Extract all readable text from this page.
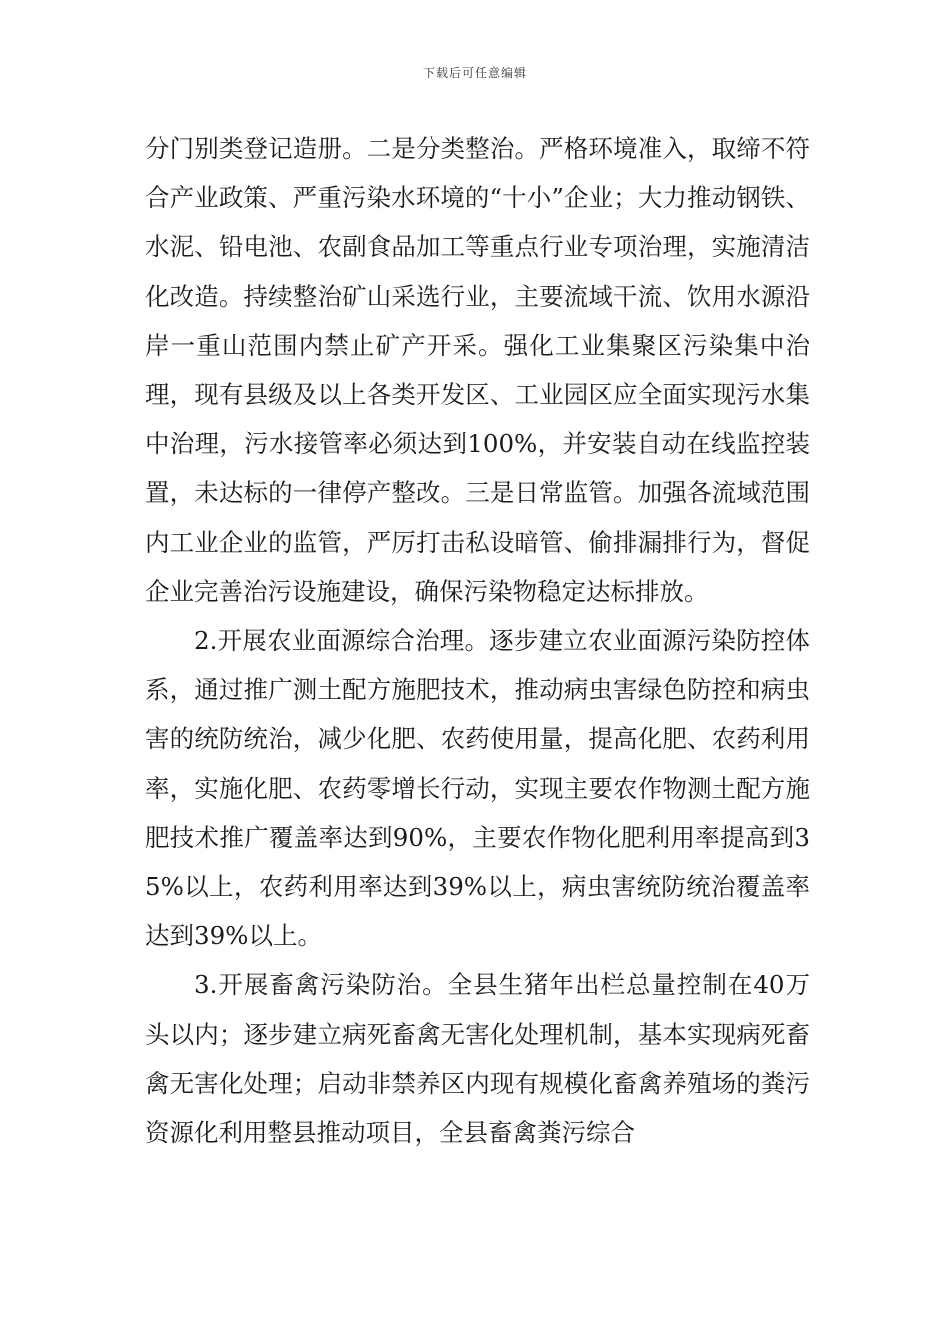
下载后可任意编辑

分门别类登记造册。二是分类整治。严格环境准入，取缔不符合产业政策、严重污染水环境的“十小”企业；大力推动钢铁、水泥、铅电池、农副食品加工等重点行业专项治理，实施清洁化改造。持续整治矿山采选行业，主要流域干流、饮用水源沿岸一重山范围内禁止矿产开采。强化工业集聚区污染集中治理，现有县级及以上各类开发区、工业园区应全面实现污水集中治理，污水接管率必须达到100%，并安装自动在线监控装置，未达标的一律停产整改。三是日常监管。加强各流域范围内工业企业的监管，严厉打击私设暗管、偷排漏排行为，督促企业完善治污设施建设，确保污染物稳定达标排放。

2.开展农业面源综合治理。逐步建立农业面源污染防控体系，通过推广测土配方施肥技术，推动病虫害绿色防控和病虫害的统防统治，减少化肥、农药使用量，提高化肥、农药利用率，实施化肥、农药零增长行动，实现主要农作物测土配方施肥技术推广覆盖率达到90%，主要农作物化肥利用率提高到35%以上，农药利用率达到39%以上，病虫害统防统治覆盖率达到39%以上。

3.开展畜禽污染防治。全县生猪年出栏总量控制在40万头以内；逐步建立病死畜禽无害化处理机制，基本实现病死畜禽无害化处理；启动非禁养区内现有规模化畜禽养殖场的粪污资源化利用整县推动项目，全县畜禽粪污综合
